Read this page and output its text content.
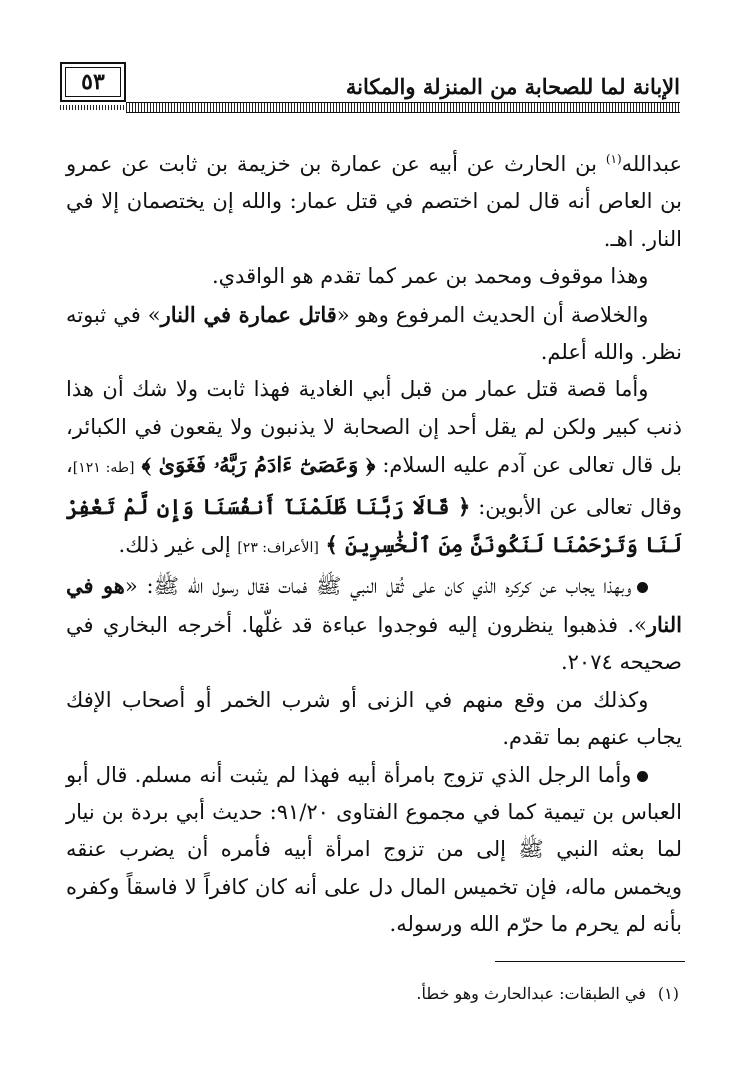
٥٣	الإبانة لما للصحابة من المنزلة والمكانة

عبدالله$^{(١)}$ بن الحارث عن أبيه عن عمارة بن خزيمة بن ثابت عن عمرو بن العاص أنه قال لمن اختصم في قتل عمار: والله إن يختصمان إلا في النار. اهـ.

وهذا موقوف ومحمد بن عمر كما تقدم هو الواقدي.

والخلاصة أن الحديث المرفوع وهو «قاتل عمارة في النار» في ثبوته نظر. والله أعلم.

وأما قصة قتل عمار من قبل أبي الغادية فهذا ثابت ولا شك أن هذا ذنب كبير ولكن لم يقل أحد إن الصحابة لا يذنبون ولا يقعون في الكبائر، بل قال تعالى عن آدم عليه السلام: ﴿ وَعَصَىٰٓ ءَادَمُ رَبَّهُۥ فَغَوَىٰ ﴾ [طه: ١٢١]، وقال تعالى عن الأبوين: ﴿ قَالَا رَبَّنَا ظَلَمْنَآ أَنفُسَنَا وَإِن لَّمْ تَغْفِرْ لَنَا وَتَرْحَمْنَا لَنَكُونَنَّ مِنَ ٱلْخَٰسِرِينَ ﴾ [الأعراف: ٢٣] إلى غير ذلك.

وبهذا يجاب عن كركره الذي كان على ثُقل النبي ﷺ فمات فقال رسول الله ﷺ: «هو في النار». فذهبوا ينظرون إليه فوجدوا عباءة قد غلّها. أخرجه البخاري في صحيحه ٢٠٧٤.

وكذلك من وقع منهم في الزنى أو شرب الخمر أو أصحاب الإفك يجاب عنهم بما تقدم.

وأما الرجل الذي تزوج بامرأة أبيه فهذا لم يثبت أنه مسلم. قال أبو العباس بن تيمية كما في مجموع الفتاوى ٩١/٢٠: حديث أبي بردة بن نيار لما بعثه النبي ﷺ إلى من تزوج امرأة أبيه فأمره أن يضرب عنقه ويخمس ماله، فإن تخميس المال دل على أنه كان كافراً لا فاسقاً وكفره بأنه لم يحرم ما حرّم الله ورسوله.

(١)في الطبقات: عبدالحارث وهو خطأ.
